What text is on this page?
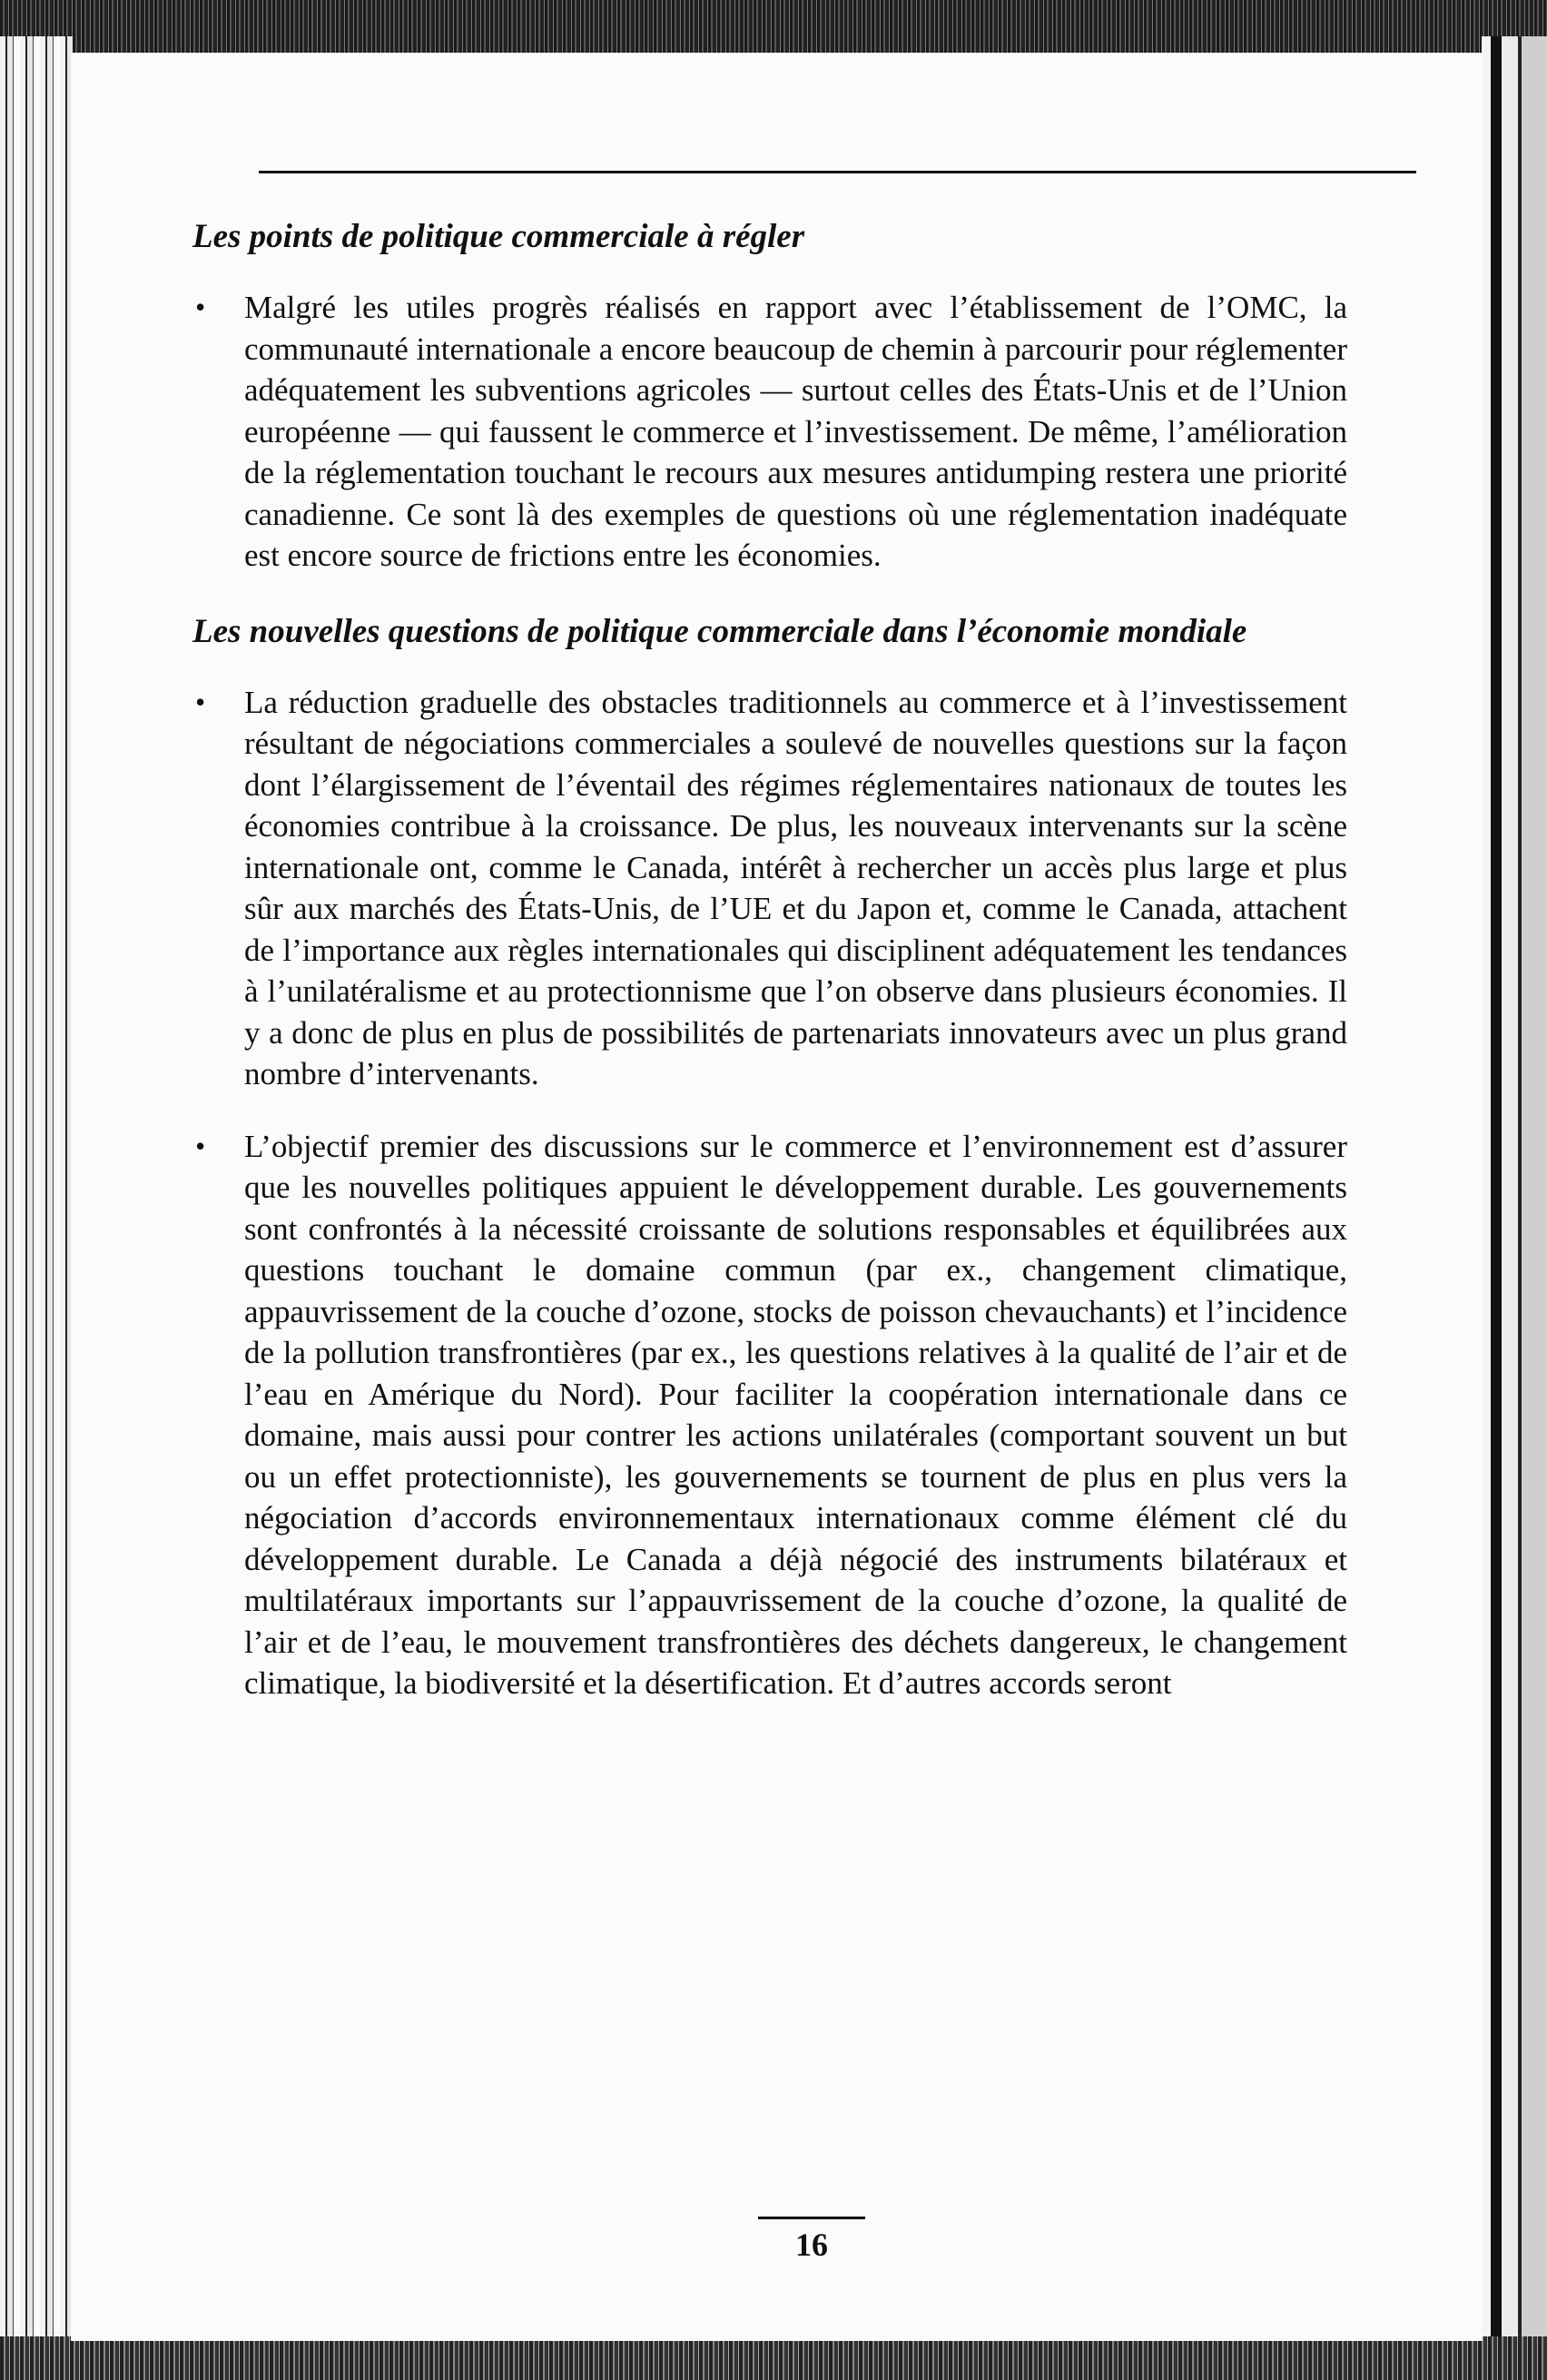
Les points de politique commerciale à régler

• Malgré les utiles progrès réalisés en rapport avec l’établissement de l’OMC, la communauté internationale a encore beaucoup de chemin à parcourir pour réglementer adéquatement les subventions agricoles — surtout celles des États-Unis et de l’Union européenne — qui faussent le commerce et l’investissement. De même, l’amélioration de la réglementation touchant le recours aux mesures antidumping restera une priorité canadienne. Ce sont là des exemples de questions où une réglementation inadéquate est encore source de frictions entre les économies.

Les nouvelles questions de politique commerciale dans l’économie mondiale

• La réduction graduelle des obstacles traditionnels au commerce et à l’investissement résultant de négociations commerciales a soulevé de nouvelles questions sur la façon dont l’élargissement de l’éventail des régimes réglementaires nationaux de toutes les économies contribue à la croissance. De plus, les nouveaux intervenants sur la scène internationale ont, comme le Canada, intérêt à rechercher un accès plus large et plus sûr aux marchés des États-Unis, de l’UE et du Japon et, comme le Canada, attachent de l’importance aux règles internationales qui disciplinent adéquatement les tendances à l’unilatéralisme et au protectionnisme que l’on observe dans plusieurs économies. Il y a donc de plus en plus de possibilités de partenariats innovateurs avec un plus grand nombre d’intervenants.

• L’objectif premier des discussions sur le commerce et l’environnement est d’assurer que les nouvelles politiques appuient le développement durable. Les gouvernements sont confrontés à la nécessité croissante de solutions responsables et équilibrées aux questions touchant le domaine commun (par ex., changement climatique, appauvrissement de la couche d’ozone, stocks de poisson chevauchants) et l’incidence de la pollution transfrontières (par ex., les questions relatives à la qualité de l’air et de l’eau en Amérique du Nord). Pour faciliter la coopération internationale dans ce domaine, mais aussi pour contrer les actions unilatérales (comportant souvent un but ou un effet protectionniste), les gouvernements se tournent de plus en plus vers la négociation d’accords environnementaux internationaux comme élément clé du développement durable. Le Canada a déjà négocié des instruments bilatéraux et multilatéraux importants sur l’appauvrissement de la couche d’ozone, la qualité de l’air et de l’eau, le mouvement transfrontières des déchets dangereux, le changement climatique, la biodiversité et la désertification. Et d’autres accords seront

16
